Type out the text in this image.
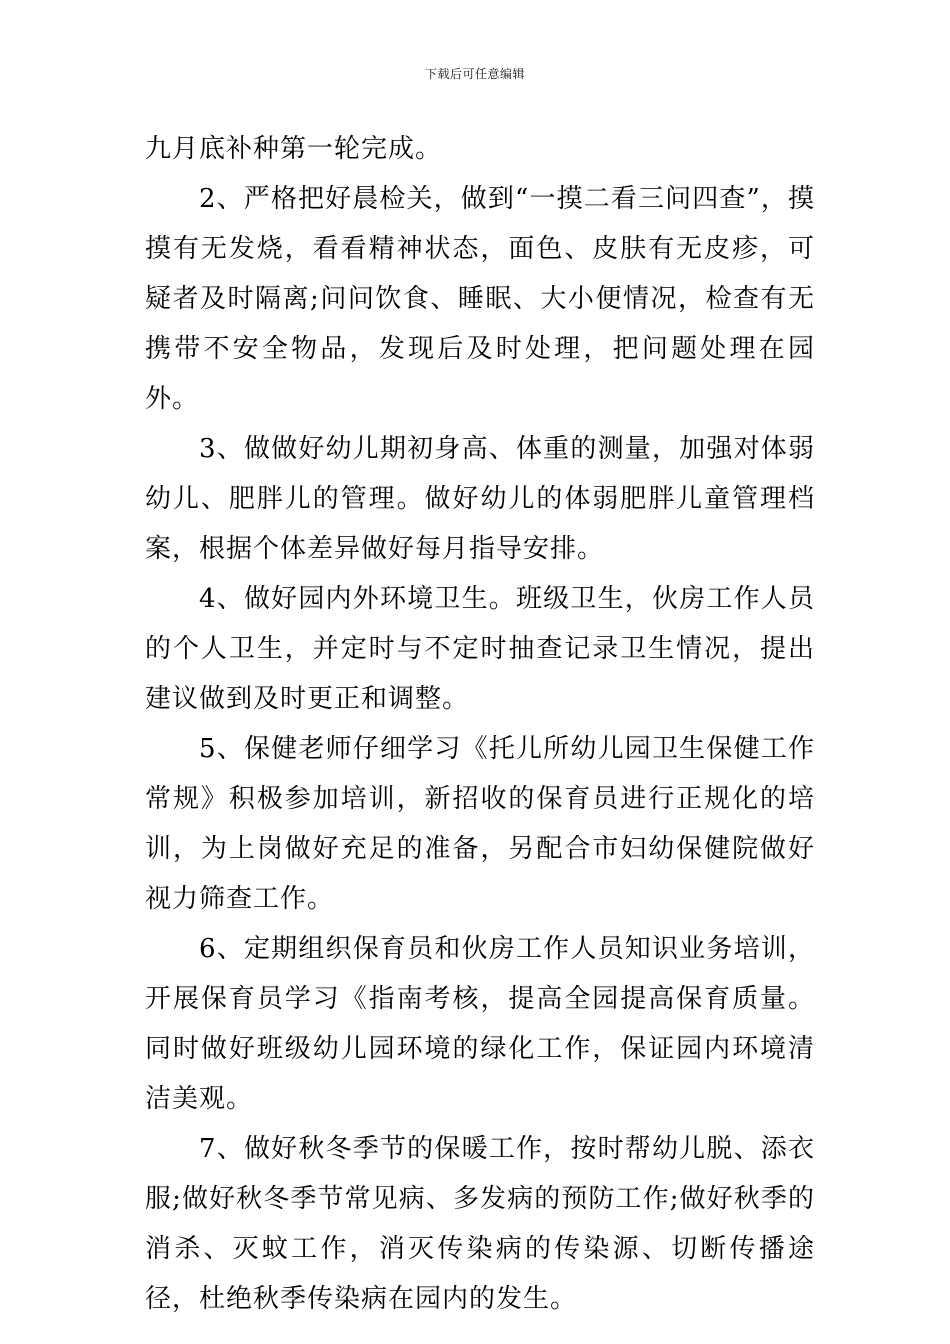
下载后可任意编辑

九月底补种第一轮完成。

2、严格把好晨检关，做到“一摸二看三问四查”，摸摸有无发烧，看看精神状态，面色、皮肤有无皮疹，可疑者及时隔离;问问饮食、睡眠、大小便情况，检查有无携带不安全物品，发现后及时处理，把问题处理在园外。

3、做做好幼儿期初身高、体重的测量，加强对体弱幼儿、肥胖儿的管理。做好幼儿的体弱肥胖儿童管理档案，根据个体差异做好每月指导安排。

4、做好园内外环境卫生。班级卫生，伙房工作人员的个人卫生，并定时与不定时抽查记录卫生情况，提出建议做到及时更正和调整。

5、保健老师仔细学习《托儿所幼儿园卫生保健工作常规》积极参加培训，新招收的保育员进行正规化的培训，为上岗做好充足的准备，另配合市妇幼保健院做好视力筛查工作。

6、定期组织保育员和伙房工作人员知识业务培训，开展保育员学习《指南考核，提高全园提高保育质量。同时做好班级幼儿园环境的绿化工作，保证园内环境清洁美观。

7、做好秋冬季节的保暖工作，按时帮幼儿脱、添衣服;做好秋冬季节常见病、多发病的预防工作;做好秋季的消杀、灭蚊工作，消灭传染病的传染源、切断传播途径，杜绝秋季传染病在园内的发生。
